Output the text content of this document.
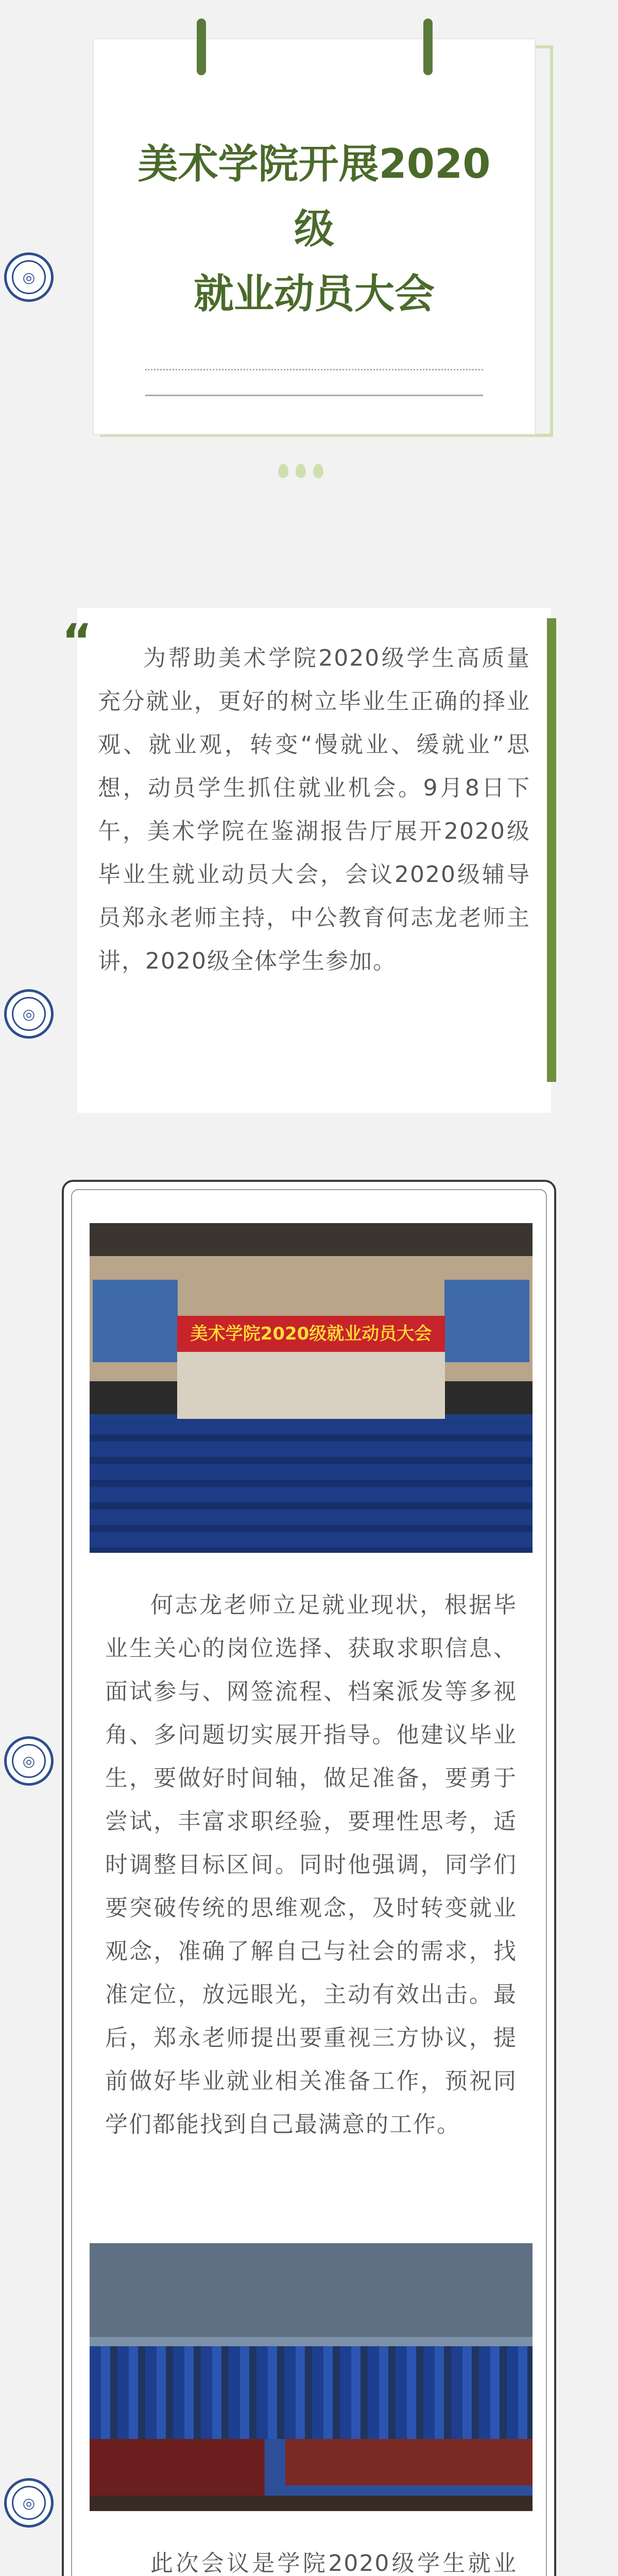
◎
◎
◎
◎
美术学院开展2020
级
就业动员大会
“	为帮助美术学院2020级学生高质量充分就业，更好的树立毕业生正确的择业观、就业观，转变“慢就业、缓就业”思想，动员学生抓住就业机会。9月8日下午，美术学院在鉴湖报告厅展开2020级毕业生就业动员大会，会议2020级辅导员郑永老师主持，中公教育何志龙老师主讲，2020级全体学生参加。
美术学院2020级就业动员大会
何志龙老师立足就业现状，根据毕业生关心的岗位选择、获取求职信息、面试参与、网签流程、档案派发等多视角、多问题切实展开指导。他建议毕业生，要做好时间轴，做足准备，要勇于尝试，丰富求职经验，要理性思考，适时调整目标区间。同时他强调，同学们要突破传统的思维观念，及时转变就业观念，准确了解自己与社会的需求，找准定位，放远眼光，主动有效出击。最后，郑永老师提出要重视三方协议，提前做好毕业就业相关准备工作，预祝同学们都能找到自己最满意的工作。
此次会议是学院2020级学生就业
